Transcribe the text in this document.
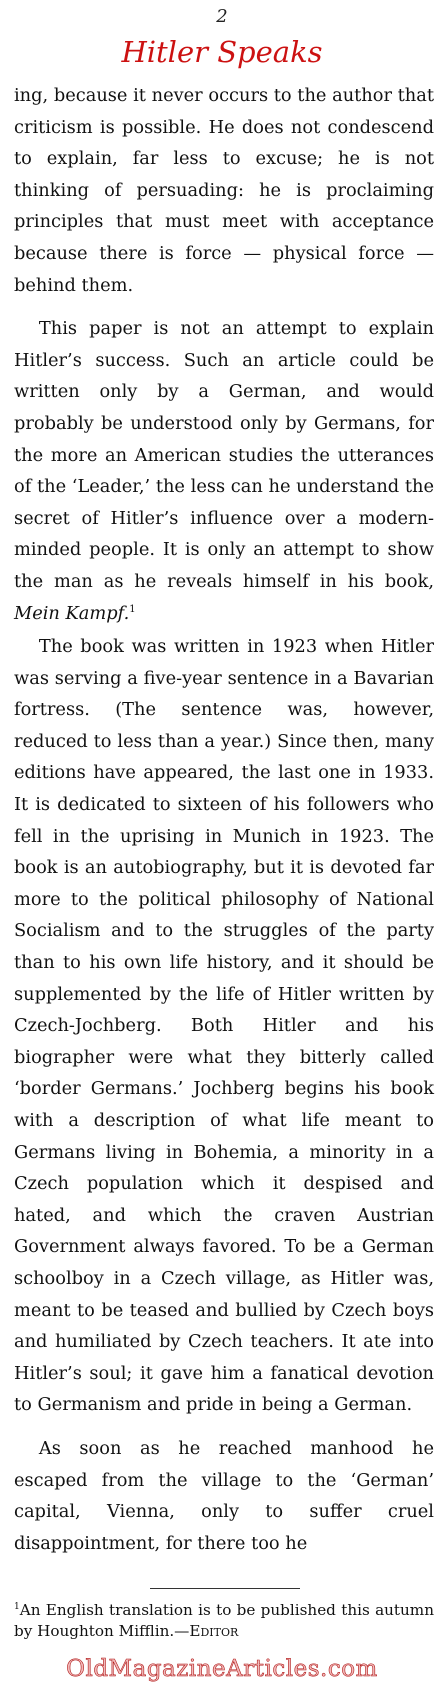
2
Hitler Speaks

ing, because it never occurs to the author that criticism is possible. He does not condescend to explain, far less to excuse; he is not thinking of persuading: he is proclaiming principles that must meet with acceptance because there is force — physical force — behind them.

This paper is not an attempt to explain Hitler’s success. Such an article could be written only by a German, and would probably be understood only by Germans, for the more an American studies the utterances of the ‘Leader,’ the less can he understand the secret of Hitler’s influence over a modern-minded people. It is only an attempt to show the man as he reveals himself in his book, Mein Kampf.$^1$

The book was written in 1923 when Hitler was serving a five-year sentence in a Bavarian fortress. (The sentence was, however, reduced to less than a year.) Since then, many editions have appeared, the last one in 1933. It is dedicated to sixteen of his followers who fell in the uprising in Munich in 1923. The book is an autobiography, but it is devoted far more to the political philosophy of National Socialism and to the struggles of the party than to his own life history, and it should be supplemented by the life of Hitler written by Czech-Jochberg. Both Hitler and his biographer were what they bitterly called ‘border Germans.’ Jochberg begins his book with a description of what life meant to Germans living in Bohemia, a minority in a Czech population which it despised and hated, and which the craven Austrian Government always favored. To be a German schoolboy in a Czech village, as Hitler was, meant to be teased and bullied by Czech boys and humiliated by Czech teachers. It ate into Hitler’s soul; it gave him a fanatical devotion to Germanism and pride in being a German.

As soon as he reached manhood he escaped from the village to the ‘German’ capital, Vienna, only to suffer cruel disappointment, for there too he

$^1$An English translation is to be published this autumn by Houghton Mifflin.—Editor
OldMagazineArticles.com
